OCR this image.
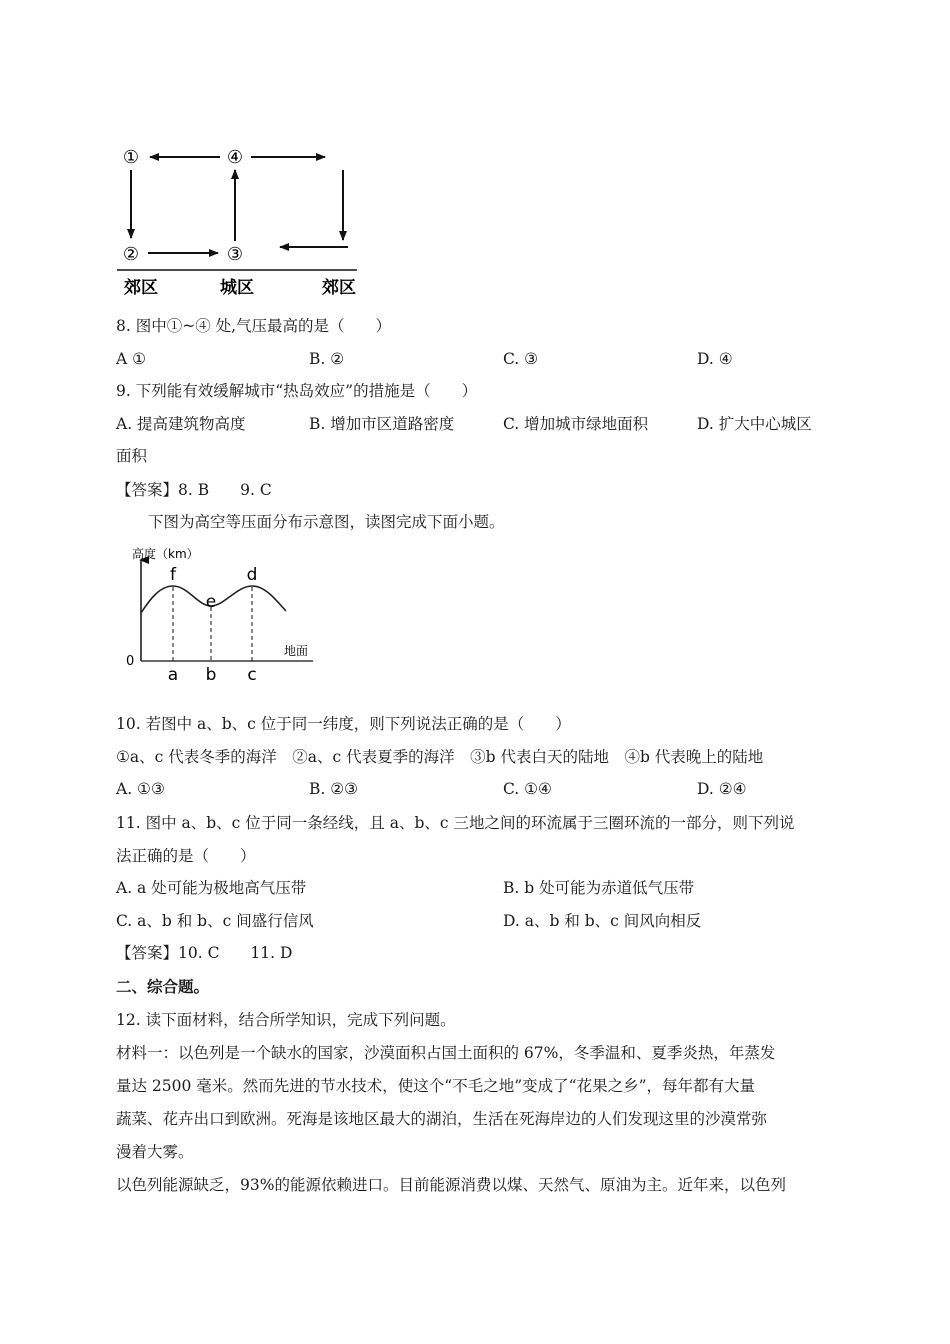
①
②	③
④
郊区	城区	郊区
8. 图中①~④ 处,气压最高的是（　　）
A ①	B. ②	C. ③	D. ④
9. 下列能有效缓解城市“热岛效应”的措施是（　　）
A. 提高建筑物高度	B. 增加市区道路密度	C. 增加城市绿地面积	D. 扩大中心城区
面积
【答案】8. B　　9. C
下图为高空等压面分布示意图，读图完成下面小题。
高度（km）
地面
0
f
e
d
a b c
10. 若图中 a、b、c 位于同一纬度，则下列说法正确的是（　　）
①a、c 代表冬季的海洋　②a、c 代表夏季的海洋　③b 代表白天的陆地　④b 代表晚上的陆地
A. ①③	B. ②③	C. ①④	D. ②④
11. 图中 a、b、c 位于同一条经线，且 a、b、c 三地之间的环流属于三圈环流的一部分，则下列说
法正确的是（　　）
A. a 处可能为极地高气压带	B. b 处可能为赤道低气压带
C. a、b 和 b、c 间盛行信风	D. a、b 和 b、c 间风向相反
【答案】10. C　　11. D
二、综合题。
12. 读下面材料，结合所学知识，完成下列问题。
材料一：以色列是一个缺水的国家，沙漠面积占国土面积的 67%，冬季温和、夏季炎热，年蒸发
量达 2500 毫米。然而先进的节水技术，使这个“不毛之地”变成了“花果之乡”，每年都有大量
蔬菜、花卉出口到欧洲。死海是该地区最大的湖泊，生活在死海岸边的人们发现这里的沙漠常弥
漫着大雾。
以色列能源缺乏，93%的能源依赖进口。目前能源消费以煤、天然气、原油为主。近年来，以色列
